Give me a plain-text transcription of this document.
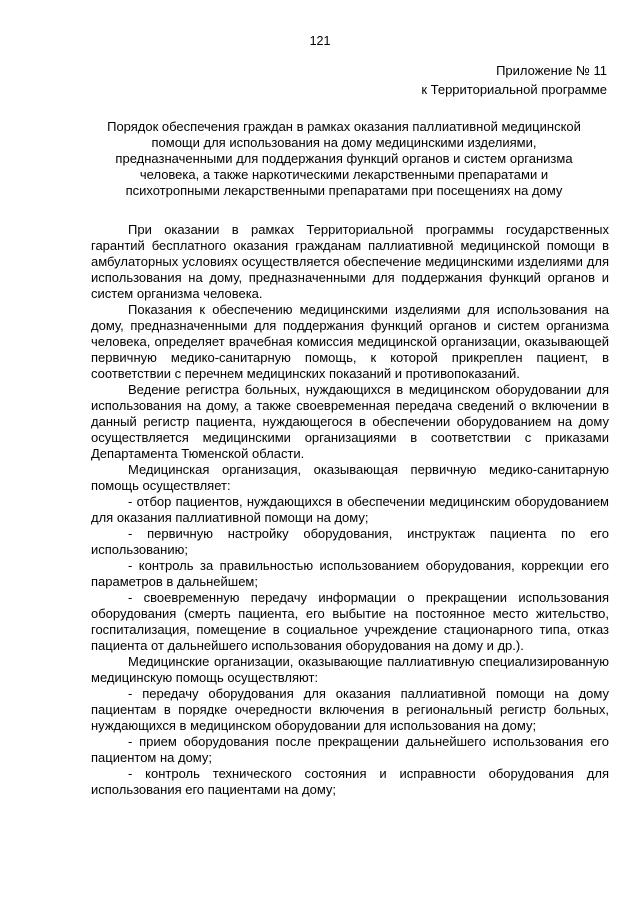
121
Приложение № 11
к Территориальной программе
Порядок обеспечения граждан в рамках оказания паллиативной медицинской
помощи для использования на дому медицинскими изделиями,
предназначенными для поддержания функций органов и систем организма
человека, а также наркотическими лекарственными препаратами и
психотропными лекарственными препаратами при посещениях на дому

При оказании в рамках Территориальной программы государственных гарантий бесплатного оказания гражданам паллиативной медицинской помощи в амбулаторных условиях осуществляется обеспечение медицинскими изделиями для использования на дому, предназначенными для поддержания функций органов и систем организма человека.

Показания к обеспечению медицинскими изделиями для использования на дому, предназначенными для поддержания функций органов и систем организма человека, определяет врачебная комиссия медицинской организации, оказывающей первичную медико-санитарную помощь, к которой прикреплен пациент, в соответствии с перечнем медицинских показаний и противопоказаний.

Ведение регистра больных, нуждающихся в медицинском оборудовании для использования на дому, а также своевременная передача сведений о включении в данный регистр пациента, нуждающегося в обеспечении оборудованием на дому осуществляется медицинскими организациями в соответствии с приказами Департамента Тюменской области.

Медицинская организация, оказывающая первичную медико-санитарную помощь осуществляет:

- отбор пациентов, нуждающихся в обеспечении медицинским оборудованием для оказания паллиативной помощи на дому;

- первичную настройку оборудования, инструктаж пациента по его использованию;

- контроль за правильностью использованием оборудования, коррекции его параметров в дальнейшем;

- своевременную передачу информации о прекращении использования оборудования (смерть пациента, его выбытие на постоянное место жительство, госпитализация, помещение в социальное учреждение стационарного типа, отказ пациента от дальнейшего использования оборудования на дому и др.).

Медицинские организации, оказывающие паллиативную специализированную медицинскую помощь осуществляют:

- передачу оборудования для оказания паллиативной помощи на дому пациентам в порядке очередности включения в региональный регистр больных, нуждающихся в медицинском оборудовании для использования на дому;

- прием оборудования после прекращении дальнейшего использования его пациентом на дому;

- контроль технического состояния и исправности оборудования для использования его пациентами на дому;
